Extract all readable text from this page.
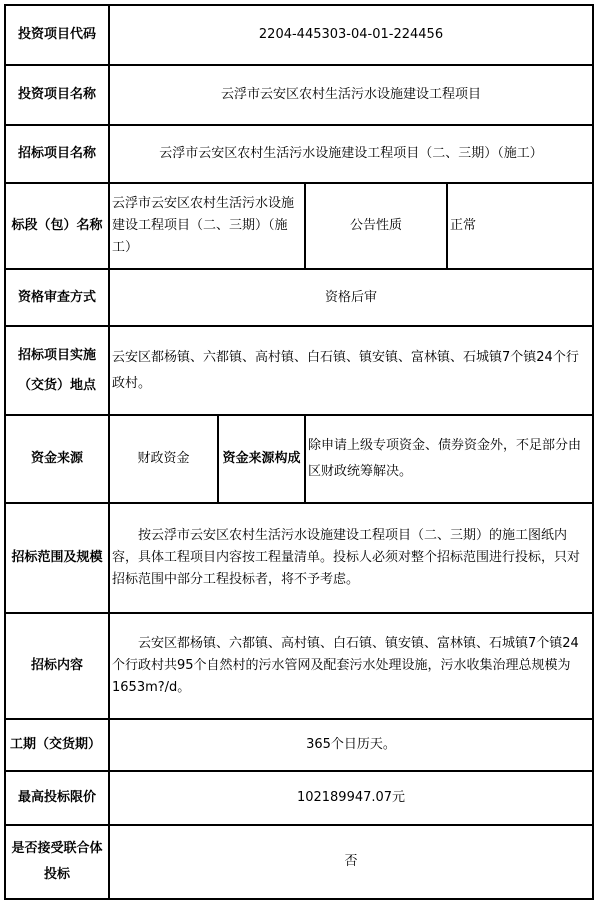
投资项目代码	2204-445303-04-01-224456			
投资项目名称	云浮市云安区农村生活污水设施建设工程项目			
招标项目名称	云浮市云安区农村生活污水设施建设工程项目（二、三期）（施工）			
标段（包）名称	云浮市云安区农村生活污水设施建设工程项目（二、三期）（施工）		公告性质	正常
资格审查方式	资格后审			
招标项目实施
（交货）地点	云安区都杨镇、六都镇、高村镇、白石镇、镇安镇、富林镇、石城镇7个镇24个行政村。			
资金来源	财政资金	资金来源构成	除申请上级专项资金、债券资金外，不足部分由区财政统筹解决。	
招标范围及规模	按云浮市云安区农村生活污水设施建设工程项目（二、三期）的施工图纸内容，具体工程项目内容按工程量清单。投标人必须对整个招标范围进行投标，只对招标范围中部分工程投标者，将不予考虑。			

招标内容	云安区都杨镇、六都镇、高村镇、白石镇、镇安镇、富林镇、石城镇7个镇24个行政村共95个自然村的污水管网及配套污水处理设施，污水收集治理总规模为
1653m?/d。			

工期（交货期）	365个日历天。			
最高投标限价	102189947.07元			
是否接受联合体
投标	否			
